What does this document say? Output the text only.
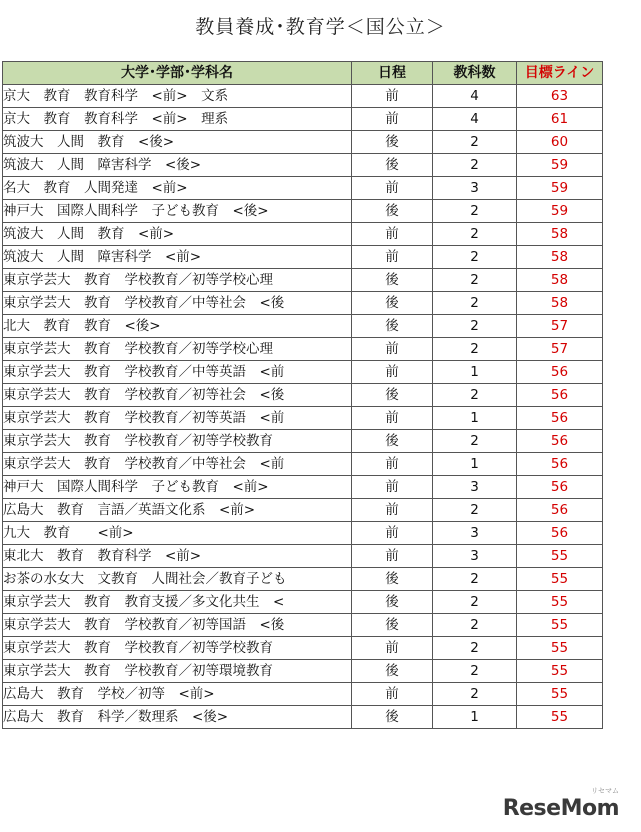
教員養成･教育学＜国公立＞
大学･学部･学科名	日程	教科数	目標ライン
京大　教育　教育科学　<前>　文系	前	4	63
京大　教育　教育科学　<前>　理系	前	4	61
筑波大　人間　教育　<後>	後	2	60
筑波大　人間　障害科学　<後>	後	2	59
名大　教育　人間発達　<前>	前	3	59
神戸大　国際人間科学　子ども教育　<後>	後	2	59
筑波大　人間　教育　<前>	前	2	58
筑波大　人間　障害科学　<前>	前	2	58
東京学芸大　教育　学校教育／初等学校心理	後	2	58
東京学芸大　教育　学校教育／中等社会　<後	後	2	58
北大　教育　教育　<後>	後	2	57
東京学芸大　教育　学校教育／初等学校心理	前	2	57
東京学芸大　教育　学校教育／中等英語　<前	前	1	56
東京学芸大　教育　学校教育／初等社会　<後	後	2	56
東京学芸大　教育　学校教育／初等英語　<前	前	1	56
東京学芸大　教育　学校教育／初等学校教育	後	2	56
東京学芸大　教育　学校教育／中等社会　<前	前	1	56
神戸大　国際人間科学　子ども教育　<前>	前	3	56
広島大　教育　言語／英語文化系　<前>	前	2	56
九大　教育　　<前>	前	3	56
東北大　教育　教育科学　<前>	前	3	55
お茶の水女大　文教育　人間社会／教育子ども	後	2	55
東京学芸大　教育　教育支援／多文化共生　<	後	2	55
東京学芸大　教育　学校教育／初等国語　<後	後	2	55
東京学芸大　教育　学校教育／初等学校教育	前	2	55
東京学芸大　教育　学校教育／初等環境教育	後	2	55
広島大　教育　学校／初等　<前>	前	2	55
広島大　教育　科学／数理系　<後>	後	1	55
リセマム
ReseMom
